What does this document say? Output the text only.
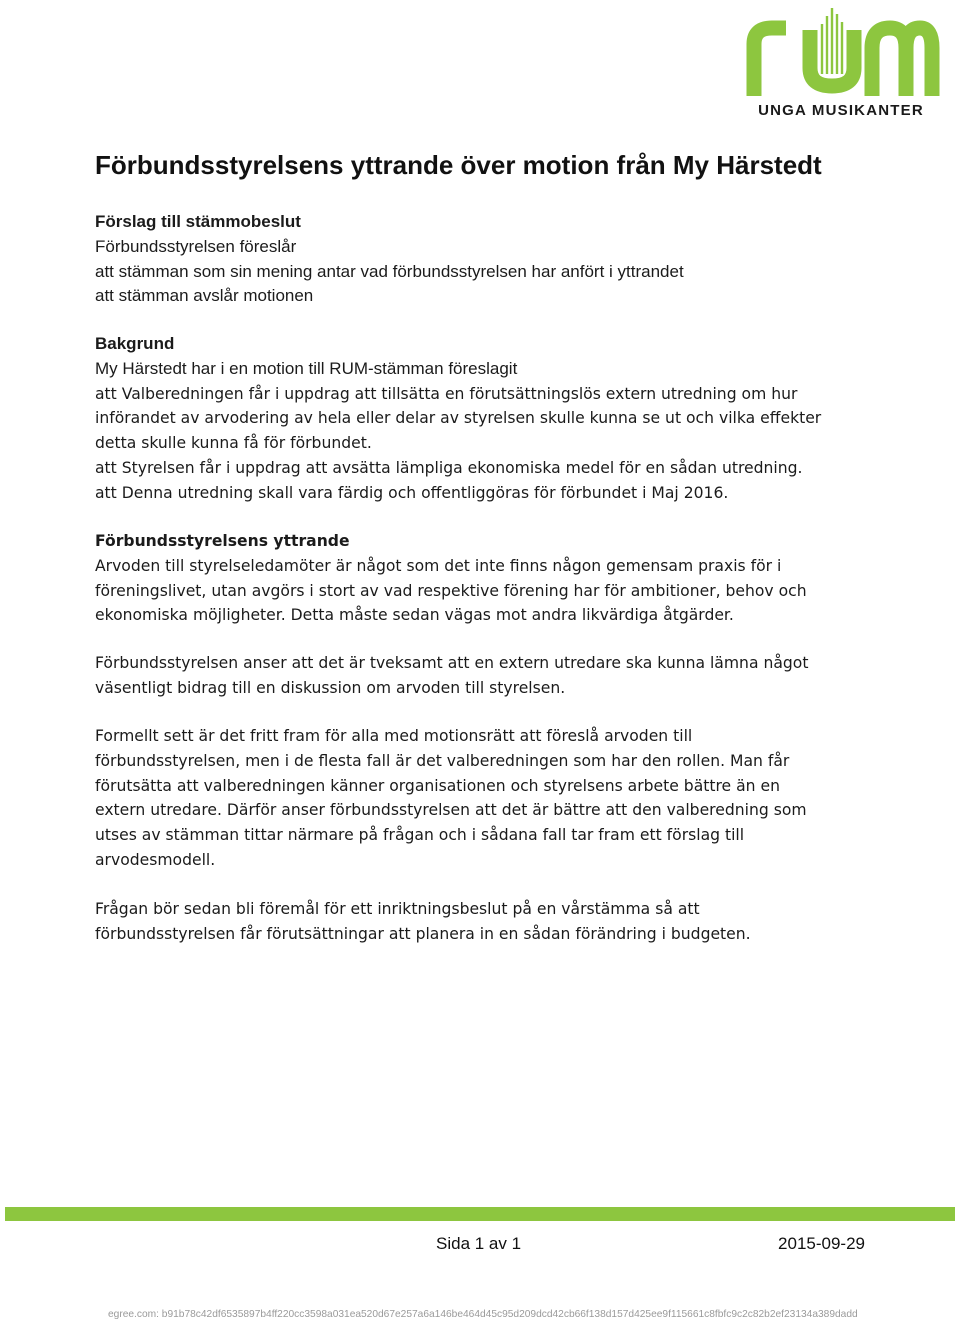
UNGA MUSIKANTER
Förbundsstyrelsens yttrande över motion från My Härstedt
Förslag till stämmobeslut
Förbundsstyrelsen föreslår
att stämman som sin mening antar vad förbundsstyrelsen har anfört i yttrandet
att stämman avslår motionen
Bakgrund
My Härstedt har i en motion till RUM-stämman föreslagit
att Valberedningen får i uppdrag att tillsätta en förutsättningslös extern utredning om hur
införandet av arvodering av hela eller delar av styrelsen skulle kunna se ut och vilka effekter
detta skulle kunna få för förbundet.
att Styrelsen får i uppdrag att avsätta lämpliga ekonomiska medel för en sådan utredning.
att Denna utredning skall vara färdig och offentliggöras för förbundet i Maj 2016.
Förbundsstyrelsens yttrande
Arvoden till styrelseledamöter är något som det inte finns någon gemensam praxis för i
föreningslivet, utan avgörs i stort av vad respektive förening har för ambitioner, behov och
ekonomiska möjligheter. Detta måste sedan vägas mot andra likvärdiga åtgärder.
Förbundsstyrelsen anser att det är tveksamt att en extern utredare ska kunna lämna något
väsentligt bidrag till en diskussion om arvoden till styrelsen.
Formellt sett är det fritt fram för alla med motionsrätt att föreslå arvoden till
förbundsstyrelsen, men i de flesta fall är det valberedningen som har den rollen. Man får
förutsätta att valberedningen känner organisationen och styrelsens arbete bättre än en
extern utredare. Därför anser förbundsstyrelsen att det är bättre att den valberedning som
utses av stämman tittar närmare på frågan och i sådana fall tar fram ett förslag till
arvodesmodell.
Frågan bör sedan bli föremål för ett inriktningsbeslut på en vårstämma så att
förbundsstyrelsen får förutsättningar att planera in en sådan förändring i budgeten.
Sida 1 av 1	2015-09-29
egree.com: b91b78c42df6535897b4ff220cc3598a031ea520d67e257a6a146be464d45c95d209dcd42cb66f138d157d425ee9f115661c8fbfc9c2c82b2ef23134a389dadd
